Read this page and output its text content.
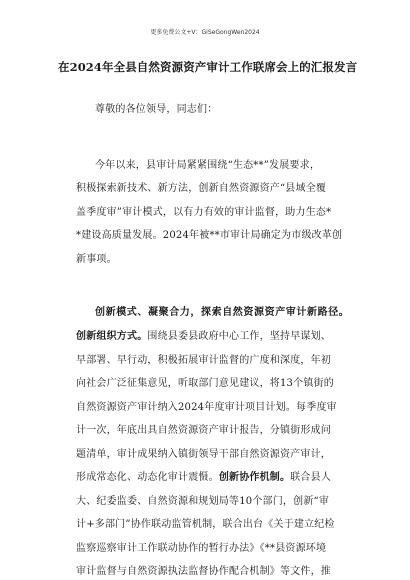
更多免费公文+V：GiSeGongWen2024
在2024年全县自然资源资产审计工作联席会上的汇报发言
尊敬的各位领导，同志们：
今年以来，县审计局紧紧围绕“生态**”发展要求，
积极探索新技术、新方法，创新自然资源资产“县域全覆
盖季度审”审计模式，以有力有效的审计监督，助力生态*
*建设高质量发展。2024年被**市审计局确定为市级改革创
新事项。
创新模式、凝聚合力，探索自然资源资产审计新路径。
创新组织方式。围绕县委县政府中心工作，坚持早谋划、
早部署、早行动，积极拓展审计监督的广度和深度，年初
向社会广泛征集意见，听取部门意见建议，将13个镇街的
自然资源资产审计纳入2024年度审计项目计划。每季度审
计一次，年底出具自然资源资产审计报告，分镇街形成问
题清单，审计成果纳入镇街领导干部自然资源资产审计，
形成常态化、动态化审计震慑。创新协作机制。联合县人
大、纪委监委、自然资源和规划局等10个部门，创新“审
计+多部门”协作联动监管机制，联合出台《关于建立纪检
监察巡察审计工作联动协作的暂行办法》《**县资源环境
审计监督与自然资源执法监督协作配合机制》等文件，推
